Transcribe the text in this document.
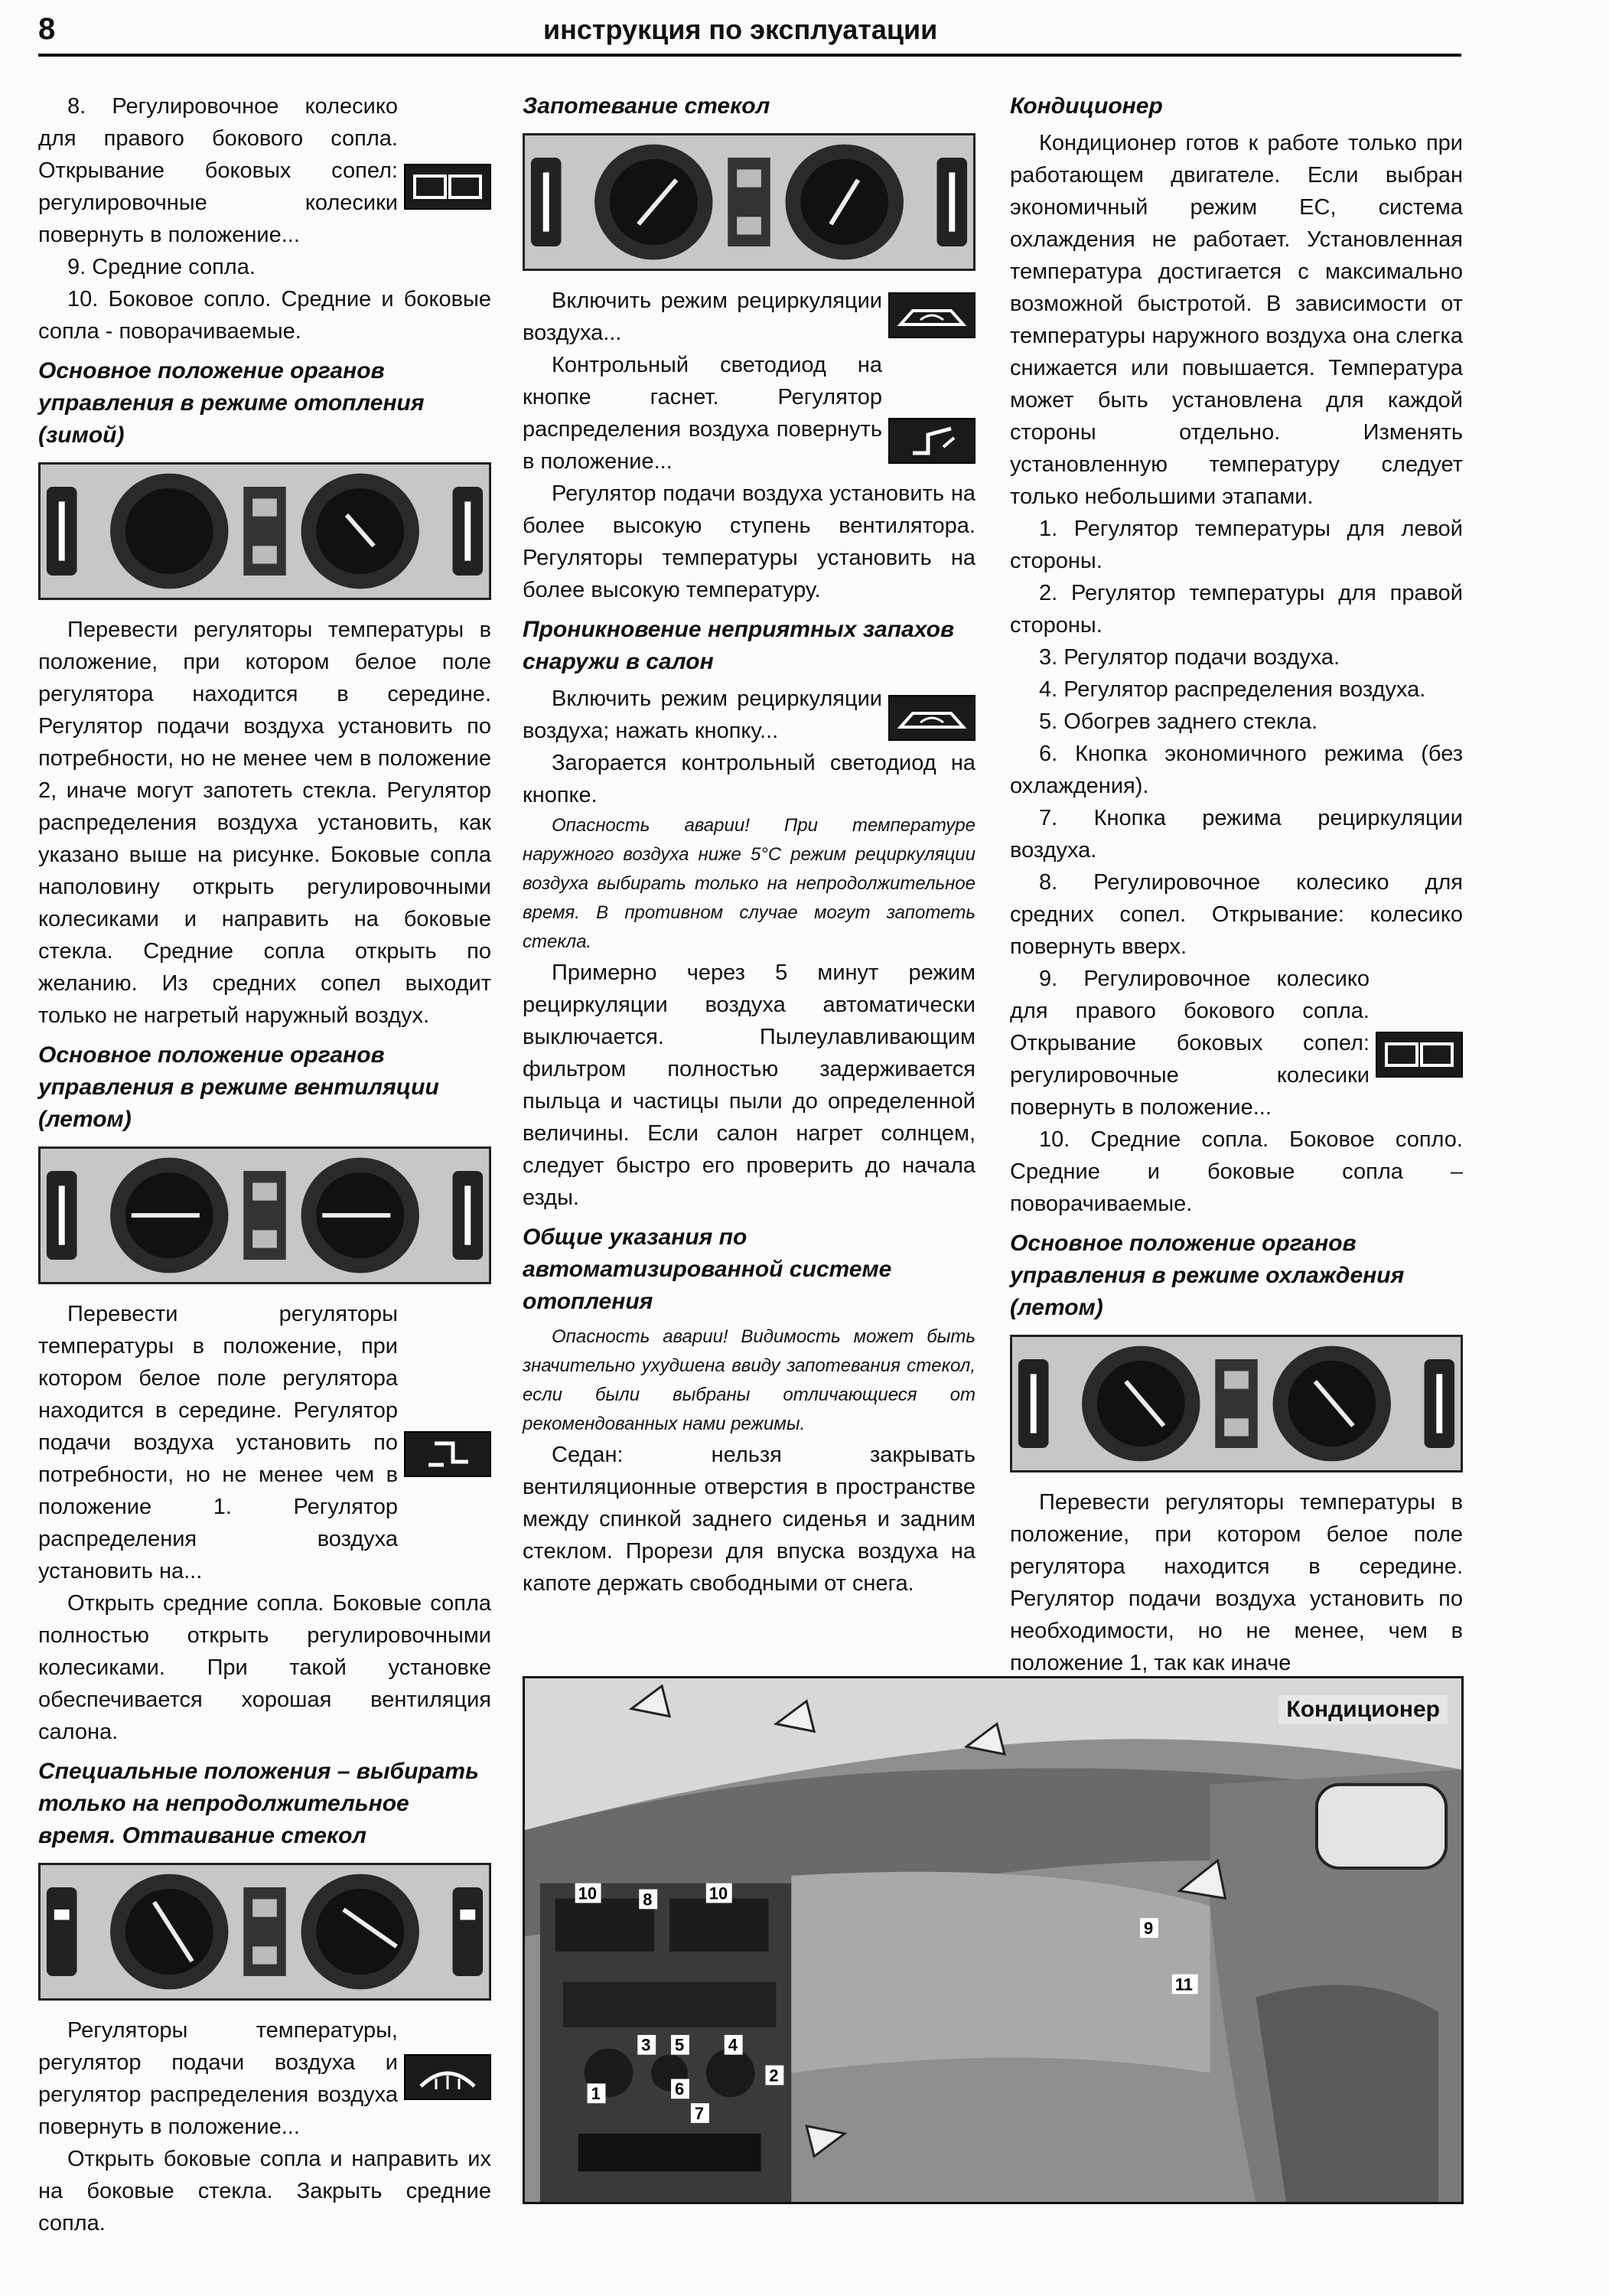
8	инструкция по эксплуатации

8. Регулировочное колесико для правого бокового сопла. Открывание боковых сопел: регулировочные колесики повернуть в положение...

9. Средние сопла.

10. Боковое сопло. Средние и боковые сопла - поворачиваемые.

Основное положение органов управления в режиме отопления (зимой)

Перевести регуляторы температуры в положение, при котором белое поле регулятора находится в середине. Регулятор подачи воздуха установить по потребности, но не менее чем в положение 2, иначе могут запотеть стекла. Регулятор распределения воздуха установить, как указано выше на рисунке. Боковые сопла наполовину открыть регулировочными колесиками и направить на боковые стекла. Средние сопла открыть по желанию. Из средних сопел выходит только не нагретый наружный воздух.

Основное положение органов управления в режиме вентиляции (летом)

Перевести регуляторы температуры в положение, при котором белое поле регулятора находится в середине. Регулятор подачи воздуха установить по потребности, но не менее чем в положение 1. Регулятор распределения воздуха установить на...

Открыть средние сопла. Боковые сопла полностью открыть регулировочными колесиками. При такой установке обеспечивается хорошая вентиляция салона.

Специальные положения – выбирать только на непродолжительное время. Оттаивание стекол

Регуляторы температуры, регулятор подачи воздуха и регулятор распределения воздуха повернуть в положение...

Открыть боковые сопла и направить их на боковые стекла. Закрыть средние сопла.

Запотевание стекол

Включить режим рециркуляции воздуха...

Контрольный светодиод на кнопке гаснет. Регулятор распределения воздуха повернуть в положение...

Регулятор подачи воздуха установить на более высокую ступень вентилятора. Регуляторы температуры установить на более высокую температуру.

Проникновение неприятных запахов снаружи в салон

Включить режим рециркуляции воздуха; нажать кнопку...

Загорается контрольный светодиод на кнопке.

Опасность аварии! При температуре наружного воздуха ниже 5°С режим рециркуляции воздуха выбирать только на непродолжительное время. В противном случае могут запотеть стекла.

Примерно через 5 минут режим рециркуляции воздуха автоматически выключается. Пылеулавливающим фильтром полностью задерживается пыльца и частицы пыли до определенной величины. Если салон нагрет солнцем, следует быстро его проверить до начала езды.

Общие указания по автоматизированной системе отопления

Опасность аварии! Видимость может быть значительно ухудшена ввиду запотевания стекол, если были выбраны отличающиеся от рекомендованных нами режимы.

Седан: нельзя закрывать вентиляционные отверстия в пространстве между спинкой заднего сиденья и задним стеклом. Прорези для впуска воздуха на капоте держать свободными от снега.

Кондиционер

Кондиционер готов к работе только при работающем двигателе. Если выбран экономичный режим ЕС, система охлаждения не работает. Установленная температура достигается с максимально возможной быстротой. В зависимости от температуры наружного воздуха она слегка снижается или повышается. Температура может быть установлена для каждой стороны отдельно. Изменять установленную температуру следует только небольшими этапами.

1. Регулятор температуры для левой стороны.

2. Регулятор температуры для правой стороны.

3. Регулятор подачи воздуха.

4. Регулятор распределения воздуха.

5. Обогрев заднего стекла.

6. Кнопка экономичного режима (без охлаждения).

7. Кнопка режима рециркуляции воздуха.

8. Регулировочное колесико для средних сопел. Открывание: колесико повернуть вверх.

9. Регулировочное колесико для правого бокового сопла. Открывание боковых сопел: регулировочные колесики повернуть в положение...

10. Средние сопла. Боковое сопло. Средние и боковые сопла – поворачиваемые.

Основное положение органов управления в режиме охлаждения (летом)

Перевести регуляторы температуры в положение, при котором белое поле регулятора находится в середине. Регулятор подачи воздуха установить по необходимости, но не менее, чем в положение 1, так как иначе

10	8	10
9
11
3 5	4
6
1
2
7
Кондиционер
